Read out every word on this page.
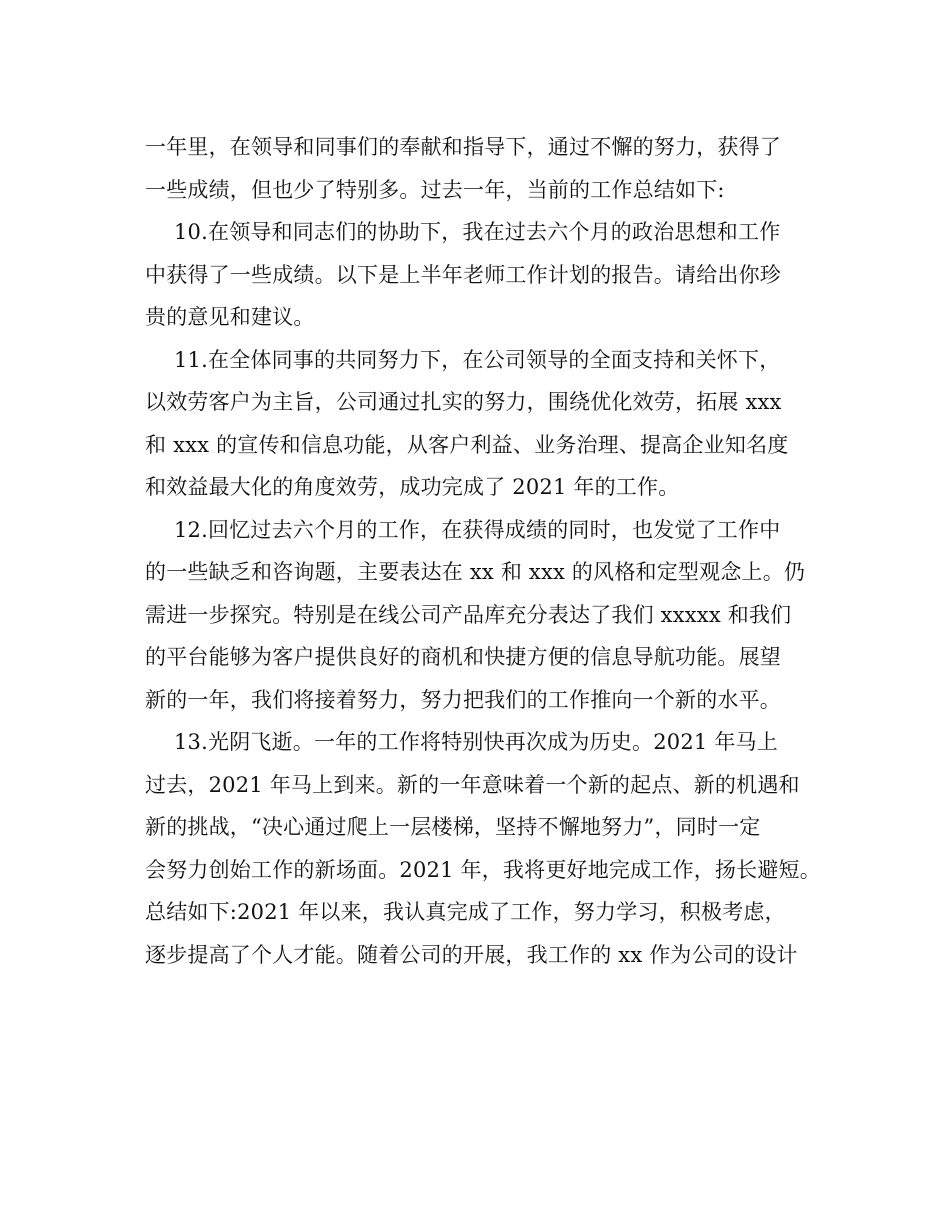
一年里，在领导和同事们的奉献和指导下，通过不懈的努力，获得了
一些成绩，但也少了特别多。过去一年，当前的工作总结如下:
10.在领导和同志们的协助下，我在过去六个月的政治思想和工作
中获得了一些成绩。以下是上半年老师工作计划的报告。请给出你珍
贵的意见和建议。
11.在全体同事的共同努力下，在公司领导的全面支持和关怀下，
以效劳客户为主旨，公司通过扎实的努力，围绕优化效劳，拓展 xxx
和 xxx 的宣传和信息功能，从客户利益、业务治理、提高企业知名度
和效益最大化的角度效劳，成功完成了 2021 年的工作。
12.回忆过去六个月的工作，在获得成绩的同时，也发觉了工作中
的一些缺乏和咨询题，主要表达在 xx 和 xxx 的风格和定型观念上。仍
需进一步探究。特别是在线公司产品库充分表达了我们 xxxxx 和我们
的平台能够为客户提供良好的商机和快捷方便的信息导航功能。展望
新的一年，我们将接着努力，努力把我们的工作推向一个新的水平。
13.光阴飞逝。一年的工作将特别快再次成为历史。2021 年马上
过去，2021 年马上到来。新的一年意味着一个新的起点、新的机遇和
新的挑战，“决心通过爬上一层楼梯，坚持不懈地努力”，同时一定
会努力创始工作的新场面。2021 年，我将更好地完成工作，扬长避短。
总结如下:2021 年以来，我认真完成了工作，努力学习，积极考虑，
逐步提高了个人才能。随着公司的开展，我工作的 xx 作为公司的设计
